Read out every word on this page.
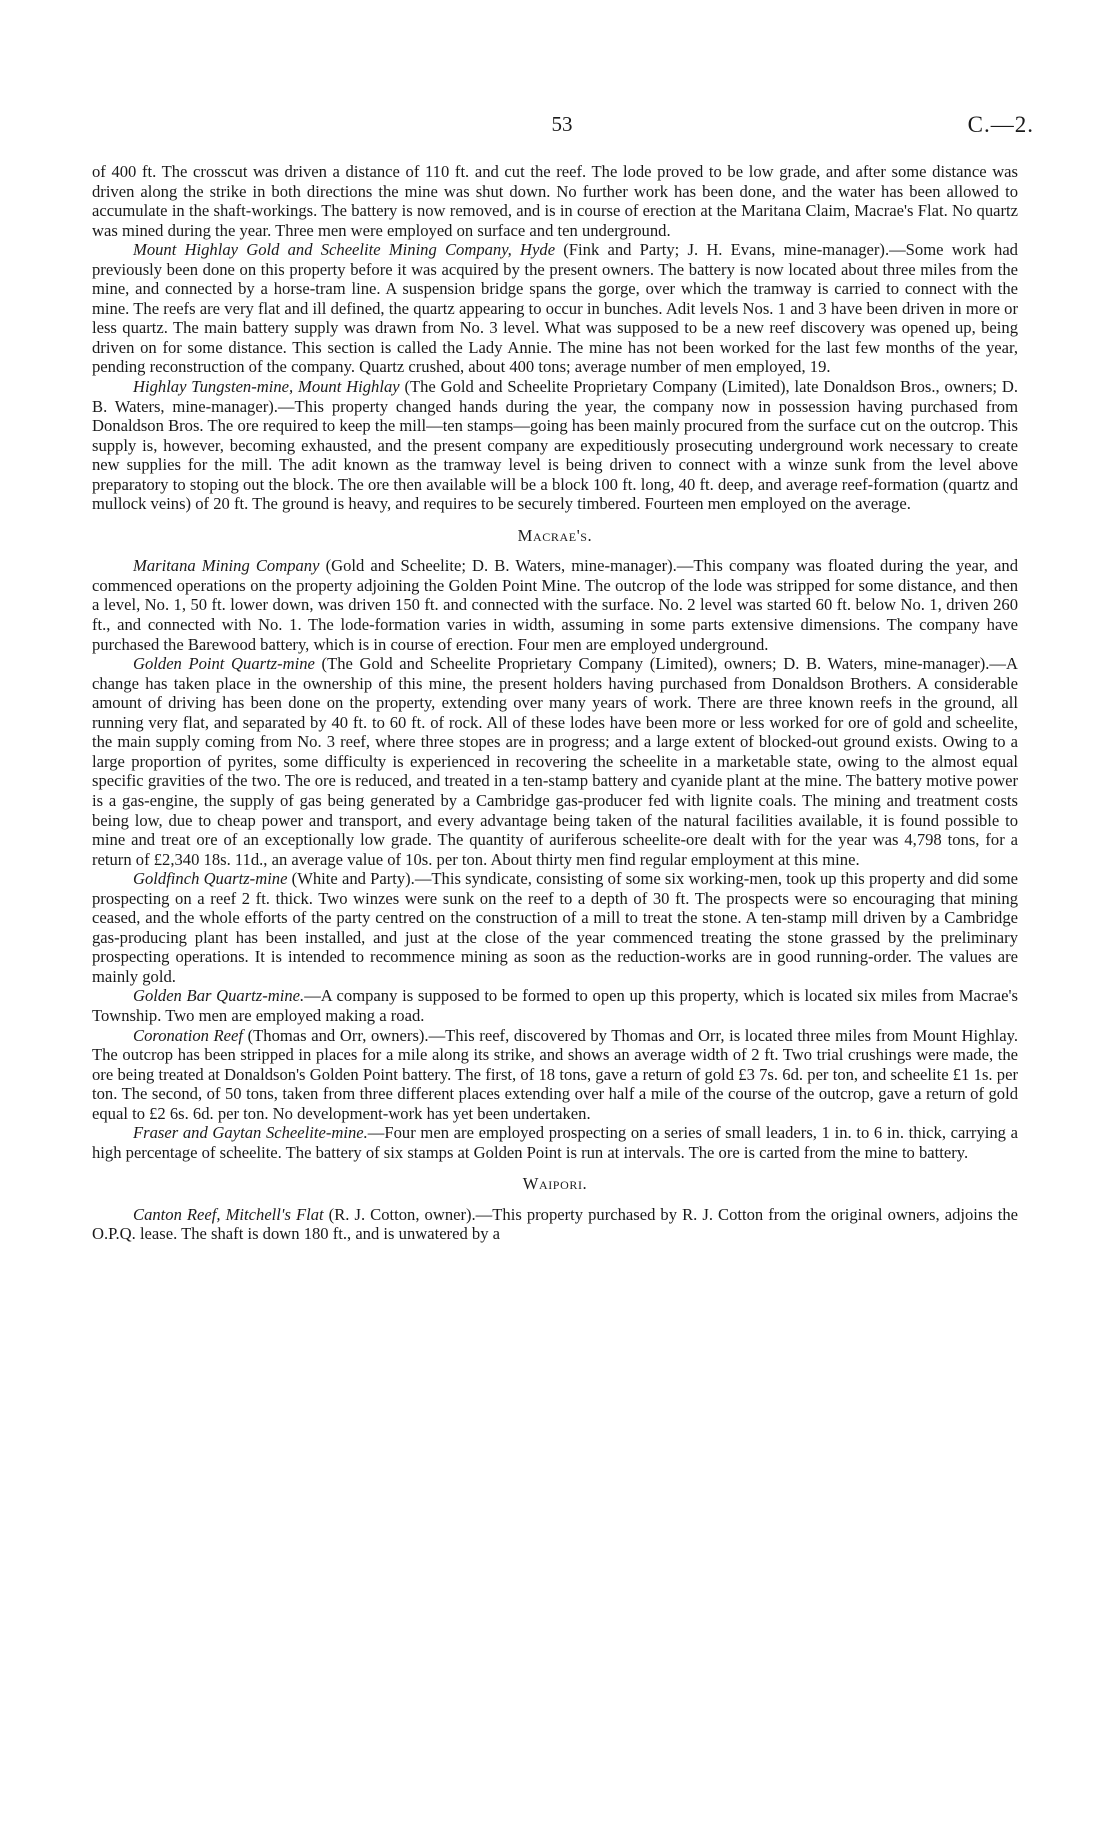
53	C.—2.

of 400 ft. The crosscut was driven a distance of 110 ft. and cut the reef. The lode proved to be low grade, and after some distance was driven along the strike in both directions the mine was shut down. No further work has been done, and the water has been allowed to accumulate in the shaft-workings. The battery is now removed, and is in course of erection at the Maritana Claim, Macrae's Flat. No quartz was mined during the year. Three men were employed on surface and ten underground.

Mount Highlay Gold and Scheelite Mining Company, Hyde (Fink and Party; J. H. Evans, mine-manager).—Some work had previously been done on this property before it was acquired by the present owners. The battery is now located about three miles from the mine, and connected by a horse-tram line. A suspension bridge spans the gorge, over which the tramway is carried to connect with the mine. The reefs are very flat and ill defined, the quartz appearing to occur in bunches. Adit levels Nos. 1 and 3 have been driven in more or less quartz. The main battery supply was drawn from No. 3 level. What was supposed to be a new reef discovery was opened up, being driven on for some distance. This section is called the Lady Annie. The mine has not been worked for the last few months of the year, pending reconstruction of the company. Quartz crushed, about 400 tons; average number of men employed, 19.

Highlay Tungsten-mine, Mount Highlay (The Gold and Scheelite Proprietary Company (Limited), late Donaldson Bros., owners; D. B. Waters, mine-manager).—This property changed hands during the year, the company now in possession having purchased from Donaldson Bros. The ore required to keep the mill—ten stamps—going has been mainly procured from the surface cut on the outcrop. This supply is, however, becoming exhausted, and the present company are expeditiously prosecuting underground work necessary to create new supplies for the mill. The adit known as the tramway level is being driven to connect with a winze sunk from the level above preparatory to stoping out the block. The ore then available will be a block 100 ft. long, 40 ft. deep, and average reef-formation (quartz and mullock veins) of 20 ft. The ground is heavy, and requires to be securely timbered. Fourteen men employed on the average.

Macrae's.

Maritana Mining Company (Gold and Scheelite; D. B. Waters, mine-manager).—This company was floated during the year, and commenced operations on the property adjoining the Golden Point Mine. The outcrop of the lode was stripped for some distance, and then a level, No. 1, 50 ft. lower down, was driven 150 ft. and connected with the surface. No. 2 level was started 60 ft. below No. 1, driven 260 ft., and connected with No. 1. The lode-formation varies in width, assuming in some parts extensive dimensions. The company have purchased the Barewood battery, which is in course of erection. Four men are employed underground.

Golden Point Quartz-mine (The Gold and Scheelite Proprietary Company (Limited), owners; D. B. Waters, mine-manager).—A change has taken place in the ownership of this mine, the present holders having purchased from Donaldson Brothers. A considerable amount of driving has been done on the property, extending over many years of work. There are three known reefs in the ground, all running very flat, and separated by 40 ft. to 60 ft. of rock. All of these lodes have been more or less worked for ore of gold and scheelite, the main supply coming from No. 3 reef, where three stopes are in progress; and a large extent of blocked-out ground exists. Owing to a large proportion of pyrites, some difficulty is experienced in recovering the scheelite in a marketable state, owing to the almost equal specific gravities of the two. The ore is reduced, and treated in a ten-stamp battery and cyanide plant at the mine. The battery motive power is a gas-engine, the supply of gas being generated by a Cambridge gas-producer fed with lignite coals. The mining and treatment costs being low, due to cheap power and transport, and every advantage being taken of the natural facilities available, it is found possible to mine and treat ore of an exceptionally low grade. The quantity of auriferous scheelite-ore dealt with for the year was 4,798 tons, for a return of £2,340 18s. 11d., an average value of 10s. per ton. About thirty men find regular employment at this mine.

Goldfinch Quartz-mine (White and Party).—This syndicate, consisting of some six working-men, took up this property and did some prospecting on a reef 2 ft. thick. Two winzes were sunk on the reef to a depth of 30 ft. The prospects were so encouraging that mining ceased, and the whole efforts of the party centred on the construction of a mill to treat the stone. A ten-stamp mill driven by a Cambridge gas-producing plant has been installed, and just at the close of the year commenced treating the stone grassed by the preliminary prospecting operations. It is intended to recommence mining as soon as the reduction-works are in good running-order. The values are mainly gold.

Golden Bar Quartz-mine.—A company is supposed to be formed to open up this property, which is located six miles from Macrae's Township. Two men are employed making a road.

Coronation Reef (Thomas and Orr, owners).—This reef, discovered by Thomas and Orr, is located three miles from Mount Highlay. The outcrop has been stripped in places for a mile along its strike, and shows an average width of 2 ft. Two trial crushings were made, the ore being treated at Donaldson's Golden Point battery. The first, of 18 tons, gave a return of gold £3 7s. 6d. per ton, and scheelite £1 1s. per ton. The second, of 50 tons, taken from three different places extending over half a mile of the course of the outcrop, gave a return of gold equal to £2 6s. 6d. per ton. No development-work has yet been undertaken.

Fraser and Gaytan Scheelite-mine.—Four men are employed prospecting on a series of small leaders, 1 in. to 6 in. thick, carrying a high percentage of scheelite. The battery of six stamps at Golden Point is run at intervals. The ore is carted from the mine to battery.

Waipori.

Canton Reef, Mitchell's Flat (R. J. Cotton, owner).—This property purchased by R. J. Cotton from the original owners, adjoins the O.P.Q. lease. The shaft is down 180 ft., and is unwatered by a
